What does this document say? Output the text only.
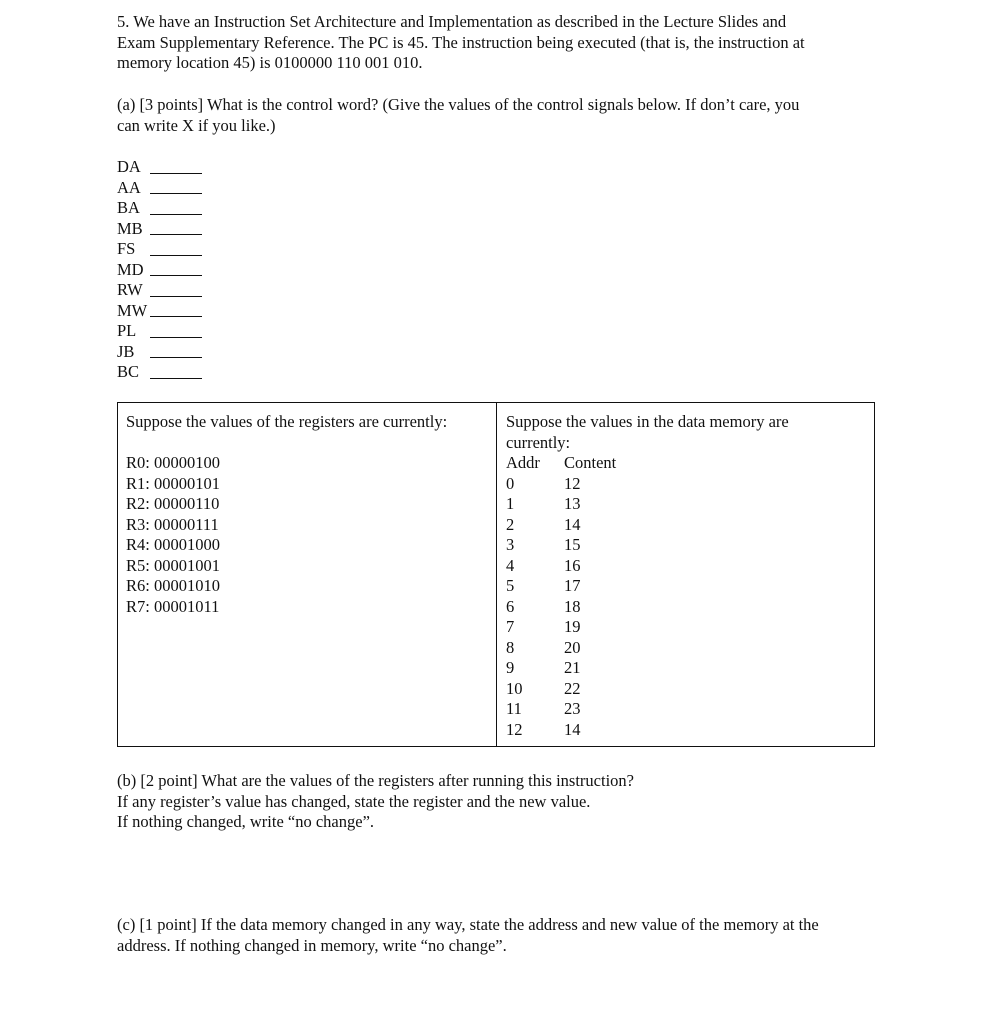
5. We have an Instruction Set Architecture and Implementation as described in the Lecture Slides and

Exam Supplementary Reference. The PC is 45. The instruction being executed (that is, the instruction at

memory location 45) is 0100000 110 001 010.

(a) [3 points] What is the control word? (Give the values of the control signals below. If don’t care, you

can write X if you like.)

DA
AA
BA
MB
FS
MD
RW
MW
PL
JB
BC
Suppose the values of the registers are currently:
R0: 00000100
R1: 00000101
R2: 00000110
R3: 00000111
R4: 00001000
R5: 00001001
R6: 00001010
R7: 00001011
Suppose the values in the data memory are
currently:
Addr Content
0	12
1	13
2	14
3	15
4	16
5	17
6	18
7	19
8	20
9	21
10	22
11	23
12	14

(b) [2 point] What are the values of the registers after running this instruction?

If any register’s value has changed, state the register and the new value.

If nothing changed, write “no change”.

(c) [1 point] If the data memory changed in any way, state the address and new value of the memory at the

address. If nothing changed in memory, write “no change”.
